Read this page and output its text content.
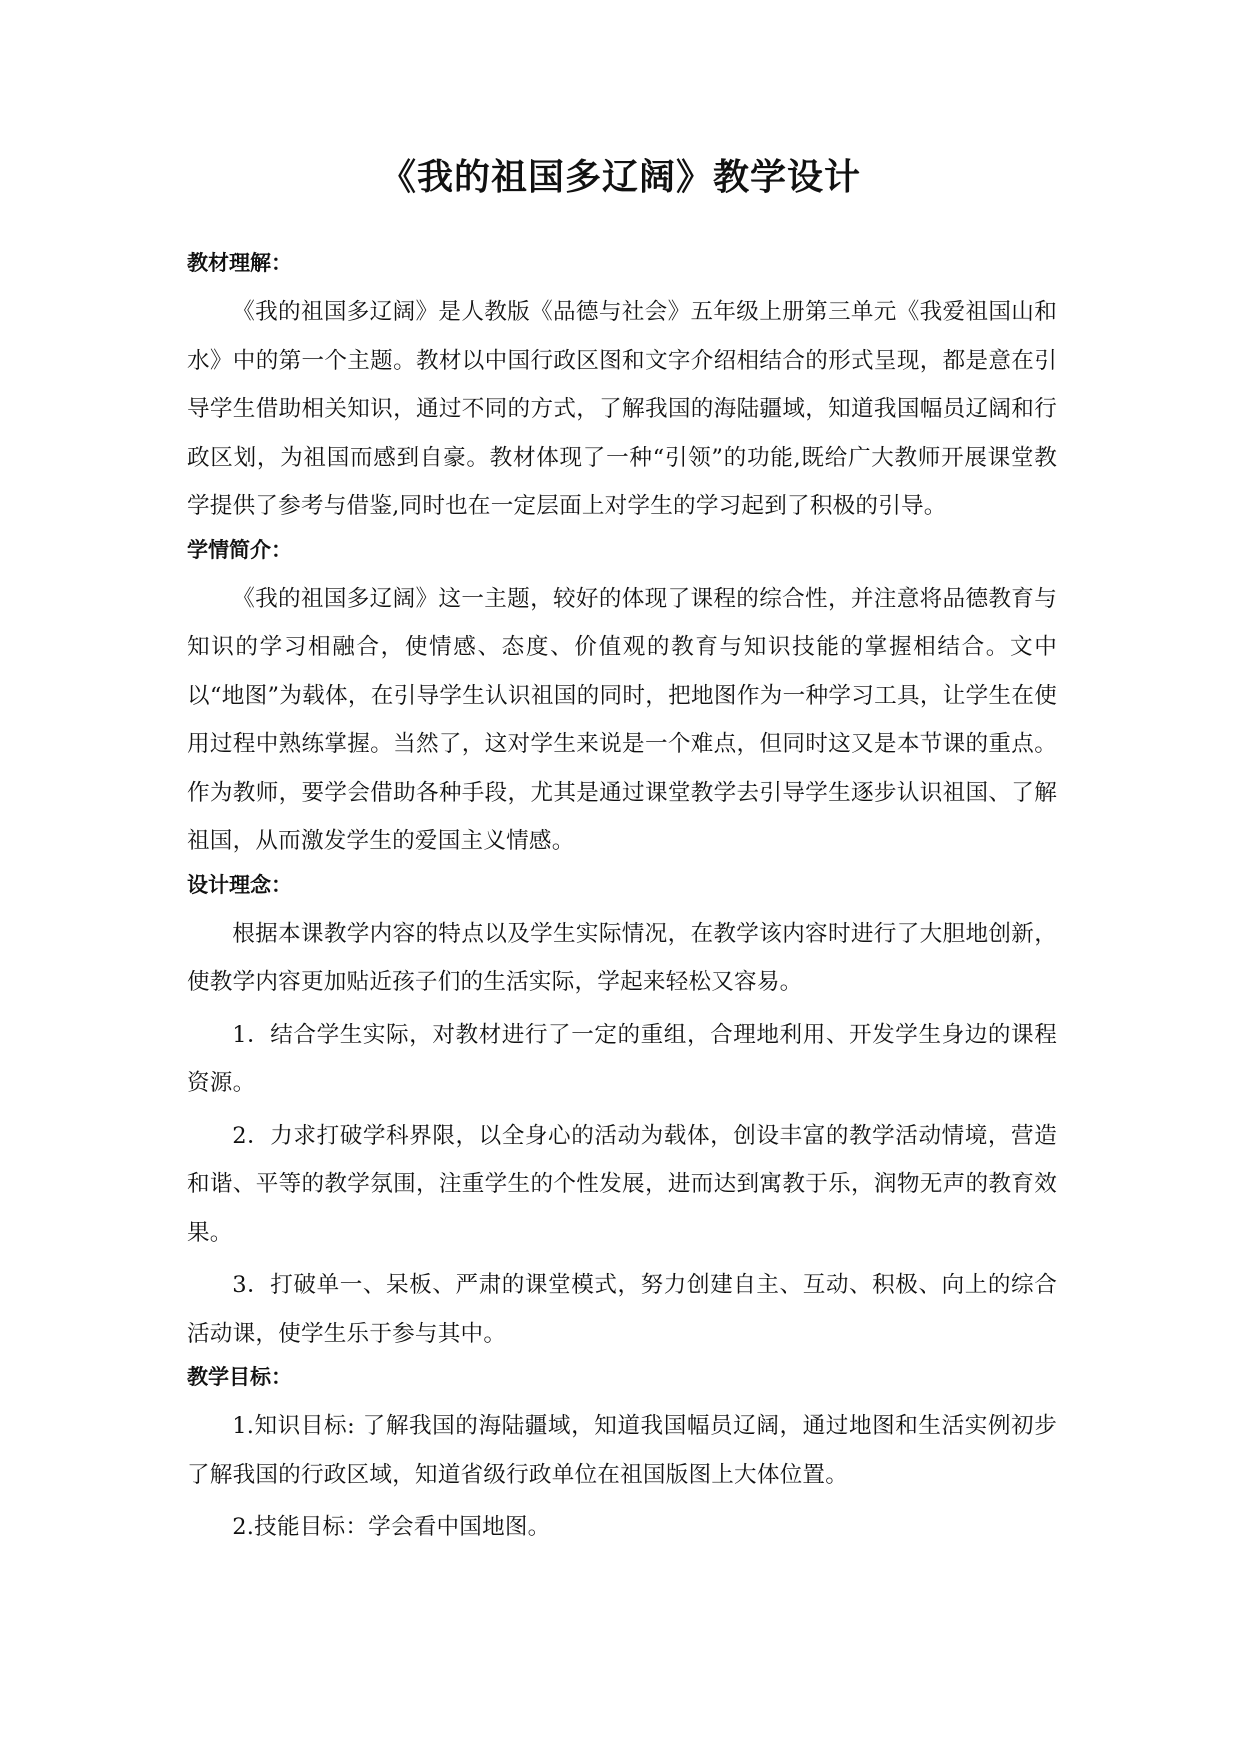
《我的祖国多辽阔》教学设计
教材理解：

《我的祖国多辽阔》是人教版《品德与社会》五年级上册第三单元《我爱祖国山和水》中的第一个主题。教材以中国行政区图和文字介绍相结合的形式呈现，都是意在引导学生借助相关知识，通过不同的方式，了解我国的海陆疆域，知道我国幅员辽阔和行政区划，为祖国而感到自豪。教材体现了一种“引领”的功能,既给广大教师开展课堂教学提供了参考与借鉴,同时也在一定层面上对学生的学习起到了积极的引导。

学情简介：

《我的祖国多辽阔》这一主题，较好的体现了课程的综合性，并注意将品德教育与知识的学习相融合，使情感、态度、价值观的教育与知识技能的掌握相结合。文中以“地图”为载体，在引导学生认识祖国的同时，把地图作为一种学习工具，让学生在使用过程中熟练掌握。当然了，这对学生来说是一个难点，但同时这又是本节课的重点。作为教师，要学会借助各种手段，尤其是通过课堂教学去引导学生逐步认识祖国、了解祖国，从而激发学生的爱国主义情感。

设计理念：

根据本课教学内容的特点以及学生实际情况，在教学该内容时进行了大胆地创新，使教学内容更加贴近孩子们的生活实际，学起来轻松又容易。

1．结合学生实际，对教材进行了一定的重组，合理地利用、开发学生身边的课程资源。

2．力求打破学科界限，以全身心的活动为载体，创设丰富的教学活动情境，营造和谐、平等的教学氛围，注重学生的个性发展，进而达到寓教于乐，润物无声的教育效果。

3．打破单一、呆板、严肃的课堂模式，努力创建自主、互动、积极、向上的综合活动课，使学生乐于参与其中。

教学目标：

1.知识目标: 了解我国的海陆疆域，知道我国幅员辽阔，通过地图和生活实例初步了解我国的行政区域，知道省级行政单位在祖国版图上大体位置。

2.技能目标：学会看中国地图。
